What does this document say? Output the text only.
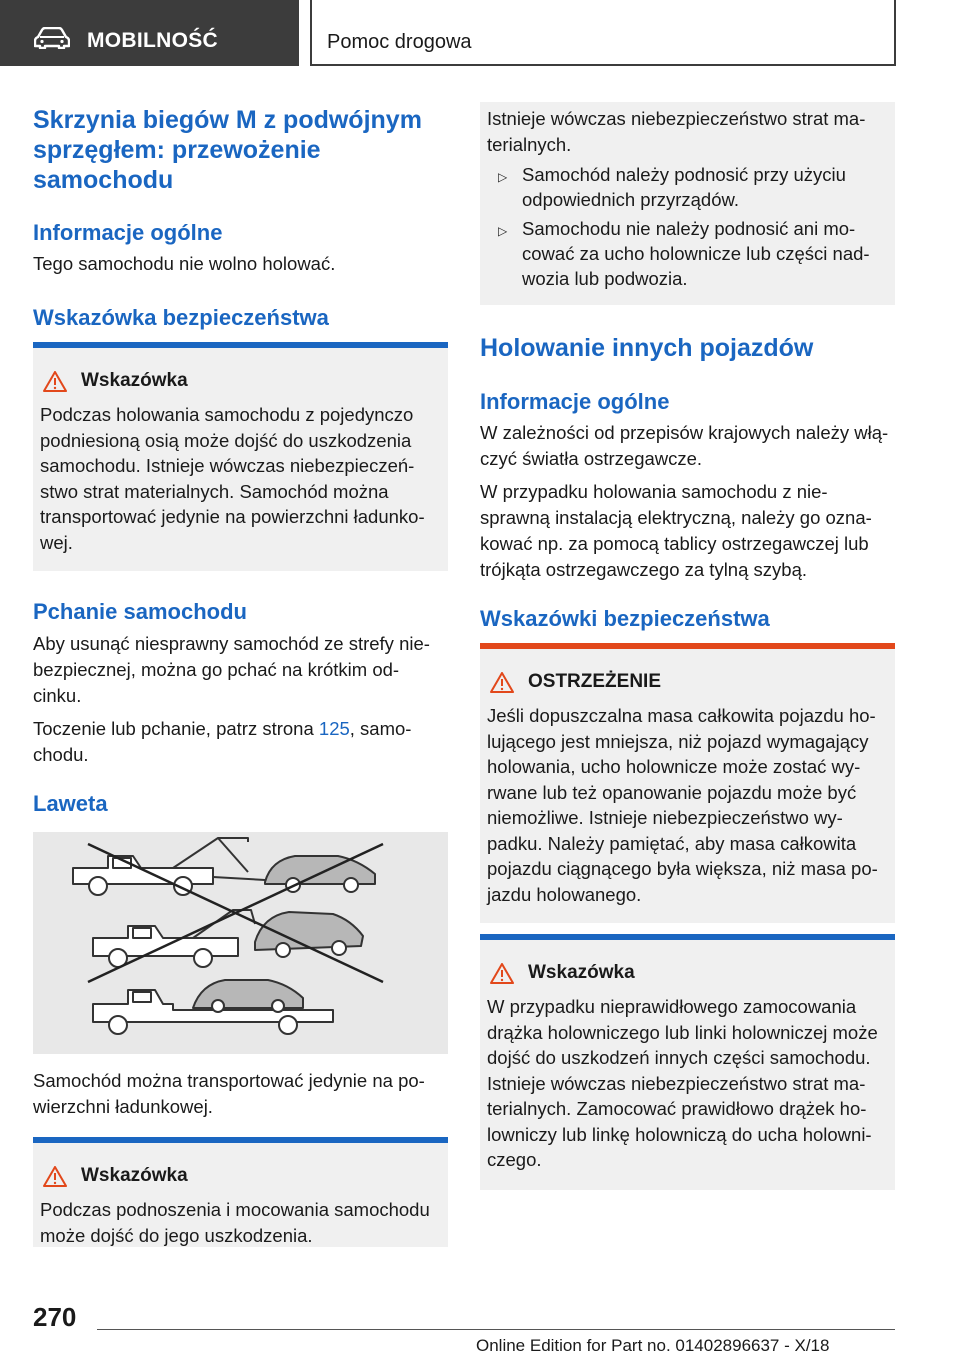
MOBILNOŚĆ	Pomoc drogowa
Skrzynia biegów M z podwójnym
sprzęgłem: przewożenie
samochodu
Informacje ogólne

Tego samochodu nie wolno holować.

Wskazówka bezpieczeństwa
Wskazówka
Podczas holowania samochodu z pojedynczo
podniesioną osią może dojść do uszkodzenia
samochodu. Istnieje wówczas niebezpieczeń-
stwo strat materialnych. Samochód można
transportować jedynie na powierzchni ładunko-
wej.
Pchanie samochodu
Aby usunąć niesprawny samochód ze strefy nie-
bezpiecznej, można go pchać na krótkim od-
cinku.
Toczenie lub pchanie, patrz strona 125, samo-
chodu.
Laweta
Samochód można transportować jedynie na po-
wierzchni ładunkowej.
Wskazówka
Podczas podnoszenia i mocowania samochodu
może dojść do jego uszkodzenia.
Istnieje wówczas niebezpieczeństwo strat ma-
terialnych.
▷ Samochód należy podnosić przy użyciu
odpowiednich przyrządów.
▷ Samochodu nie należy podnosić ani mo-
cować za ucho holownicze lub części nad-
wozia lub podwozia.
Holowanie innych pojazdów
Informacje ogólne
W zależności od przepisów krajowych należy włą-
czyć światła ostrzegawcze.
W przypadku holowania samochodu z nie-
sprawną instalacją elektryczną, należy go ozna-
kować np. za pomocą tablicy ostrzegawczej lub
trójkąta ostrzegawczego za tylną szybą.
Wskazówki bezpieczeństwa
OSTRZEŻENIE
Jeśli dopuszczalna masa całkowita pojazdu ho-
lującego jest mniejsza, niż pojazd wymagający
holowania, ucho holownicze może zostać wy-
rwane lub też opanowanie pojazdu może być
niemożliwe. Istnieje niebezpieczeństwo wy-
padku. Należy pamiętać, aby masa całkowita
pojazdu ciągnącego była większa, niż masa po-
jazdu holowanego.
Wskazówka
W przypadku nieprawidłowego zamocowania
drążka holowniczego lub linki holowniczej może
dojść do uszkodzeń innych części samochodu.
Istnieje wówczas niebezpieczeństwo strat ma-
terialnych. Zamocować prawidłowo drążek ho-
lowniczy lub linkę holowniczą do ucha holowni-
czego.
270
Online Edition for Part no. 01402896637 - X/18
